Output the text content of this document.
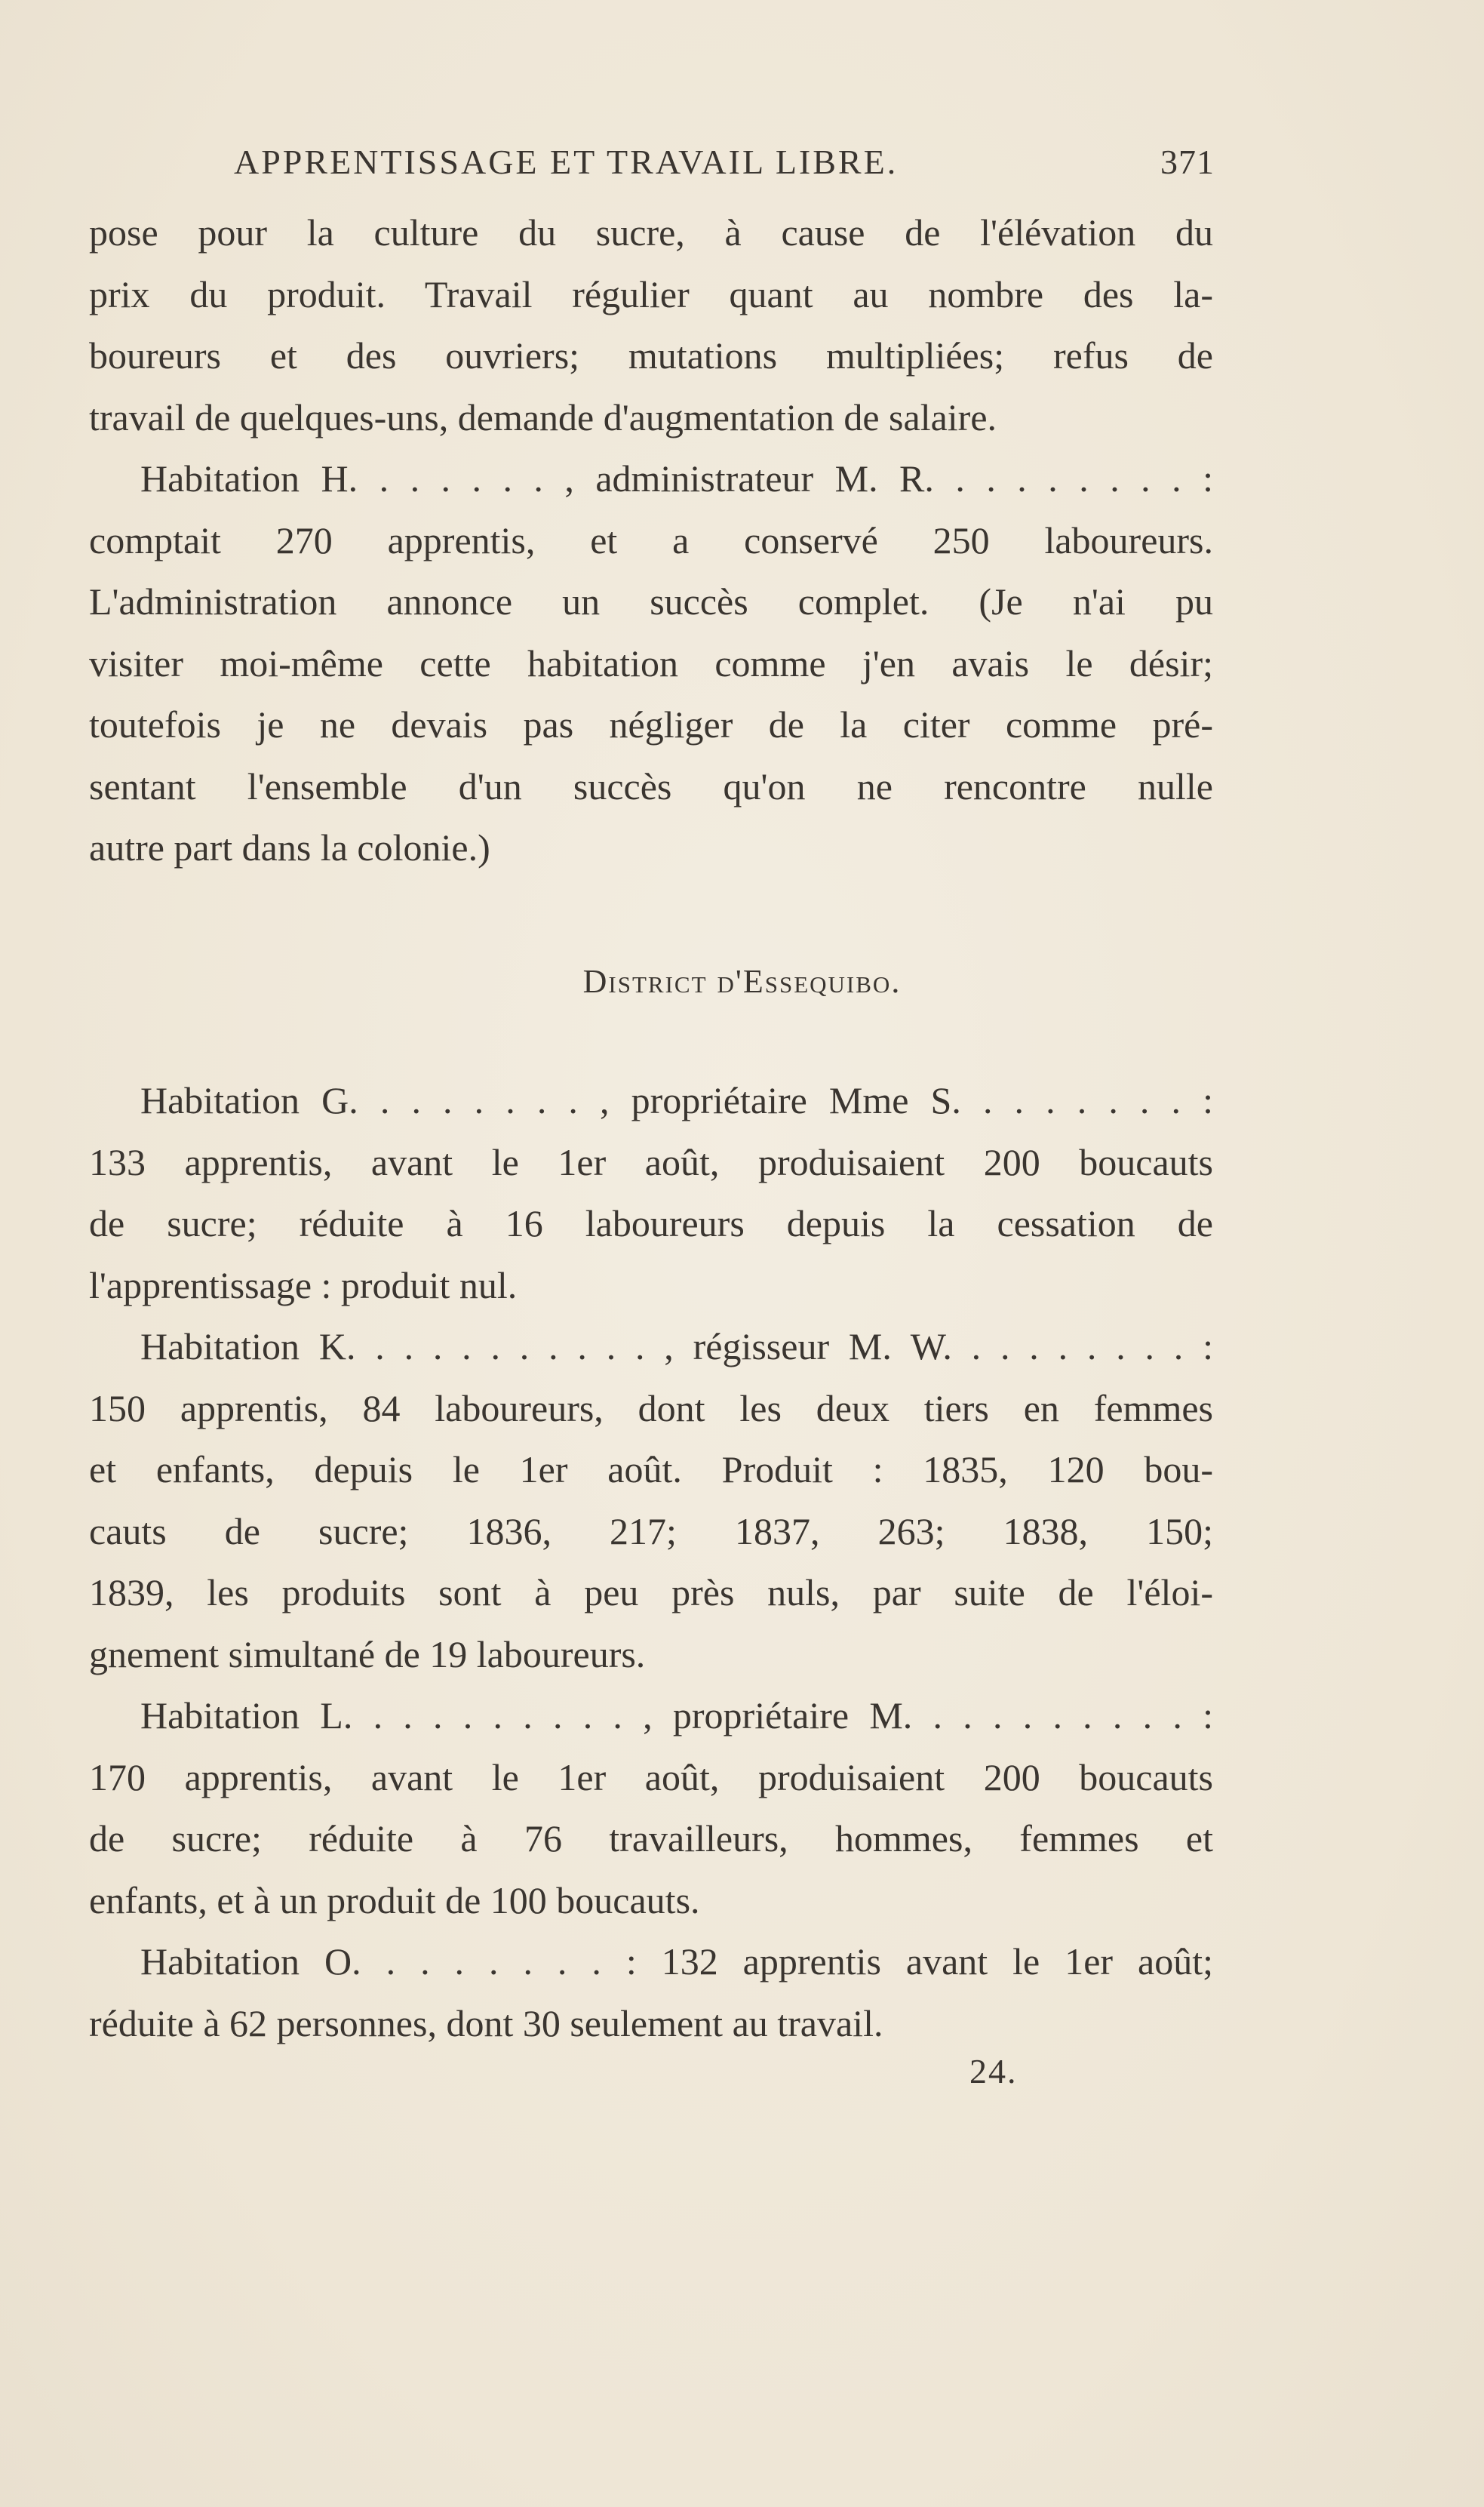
APPRENTISSAGE ET TRAVAIL LIBRE.	371
pose pour la culture du sucre, à cause de l'élévation du
prix du produit. Travail régulier quant au nombre des la-
boureurs et des ouvriers; mutations multipliées; refus de
travail de quelques-uns, demande d'augmentation de salaire.
Habitation H. . . . . . . , administrateur M. R. . . . . . . . . :
comptait 270 apprentis, et a conservé 250 laboureurs.
L'administration annonce un succès complet. (Je n'ai pu
visiter moi-même cette habitation comme j'en avais le désir;
toutefois je ne devais pas négliger de la citer comme pré-
sentant l'ensemble d'un succès qu'on ne rencontre nulle
autre part dans la colonie.)
District d'Essequibo.
Habitation G. . . . . . . . , propriétaire Mme S. . . . . . . . :
133 apprentis, avant le 1er août, produisaient 200 boucauts
de sucre; réduite à 16 laboureurs depuis la cessation de
l'apprentissage : produit nul.
Habitation K. . . . . . . . . . . , régisseur M. W. . . . . . . . . :
150 apprentis, 84 laboureurs, dont les deux tiers en femmes
et enfants, depuis le 1er août. Produit : 1835, 120 bou-
cauts de sucre; 1836, 217; 1837, 263; 1838, 150;
1839, les produits sont à peu près nuls, par suite de l'éloi-
gnement simultané de 19 laboureurs.
Habitation L. . . . . . . . . . , propriétaire M. . . . . . . . . . :
170 apprentis, avant le 1er août, produisaient 200 boucauts
de sucre; réduite à 76 travailleurs, hommes, femmes et
enfants, et à un produit de 100 boucauts.
Habitation O. . . . . . . . : 132 apprentis avant le 1er août;
réduite à 62 personnes, dont 30 seulement au travail.
24.
